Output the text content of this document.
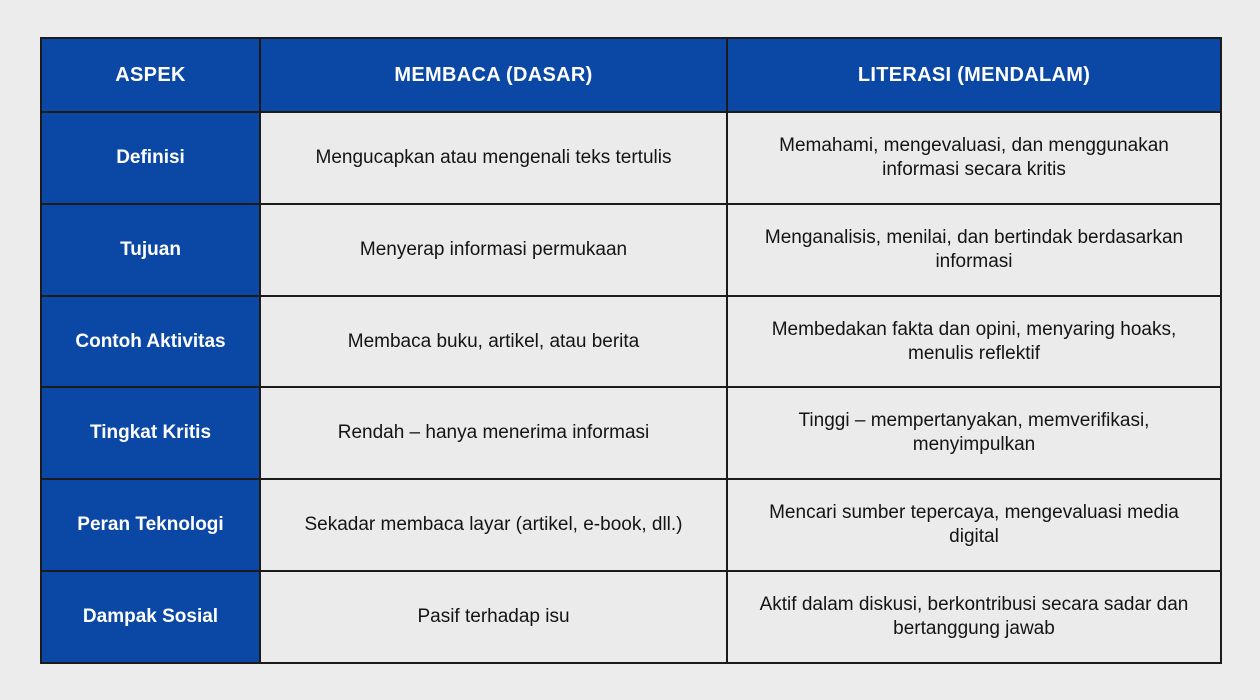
ASPEK	MEMBACA (DASAR)	LITERASI (MENDALAM)
Definisi	Mengucapkan atau mengenali teks tertulis	Memahami, mengevaluasi, dan menggunakan informasi secara kritis
Tujuan	Menyerap informasi permukaan	Menganalisis, menilai, dan bertindak berdasarkan informasi
Contoh Aktivitas	Membaca buku, artikel, atau berita	Membedakan fakta dan opini, menyaring hoaks, menulis reflektif
Tingkat Kritis	Rendah – hanya menerima informasi	Tinggi – mempertanyakan, memverifikasi, menyimpulkan
Peran Teknologi	Sekadar membaca layar (artikel, e-book, dll.)	Mencari sumber tepercaya, mengevaluasi media digital
Dampak Sosial	Pasif terhadap isu	Aktif dalam diskusi, berkontribusi secara sadar dan bertanggung jawab
